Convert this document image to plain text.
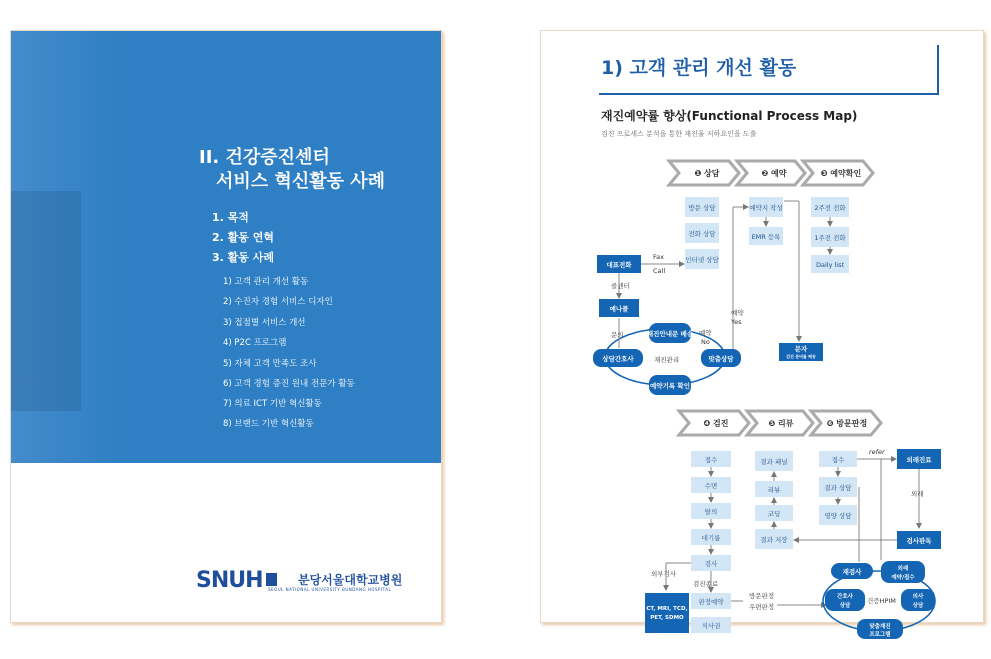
II. 건강증진센터
서비스 혁신활동 사례
1. 목적
2. 활동 연혁
3. 활동 사례
1) 고객 관리 개선 활동
2) 수진자 경험 서비스 디자인
3) 접점별 서비스 개선
4) P2C 프로그램
5) 자체 고객 만족도 조사
6) 고객 경험 증진 원내 전문가 활동
7) 의료 ICT 기반 혁신활동
8) 브랜드 기반 혁신활동
SNUH	분당서울대학교병원
SEOUL NATIONAL UNIVERSITY BUNDANG HOSPITAL
1) 고객 관리 개선 활동
재진예약률 향상(Functional Process Map)
검진 프로세스 분석을 통한 재진율 저하요인을 도출
❶ 상담	❷ 예약	❸ 예약확인
방문 상담
전화 상담
인터넷 상담
예약지 작성
EMR 등록
2주전 전화
1주전 전화
Daily list
대표전화
콜센터
예나콜
Fax
Call
상담간호사
재진안내문 배송
맞춤상담
예약기록 확인
재진관리
문의	예약
No
예약
Yes
문자
검진 준비물 배송
❹ 검진	❺ 리뷰	❻ 방문판정
접수
수면
탈의
대기룸
검사
판정예약
식사권
검진종료
외부검사
CT, MRI, TCD,
PET, SDMO
방문판정
우편판정
결과 패널
리뷰
코딩
결과 저장
접수
결과 상담
영양 상담
외래진료
refer
외래
검사판독
재검사	외래
예약/접수
간호사
상담
의사
상담
맞춤재진
프로그램
건증HPIM
